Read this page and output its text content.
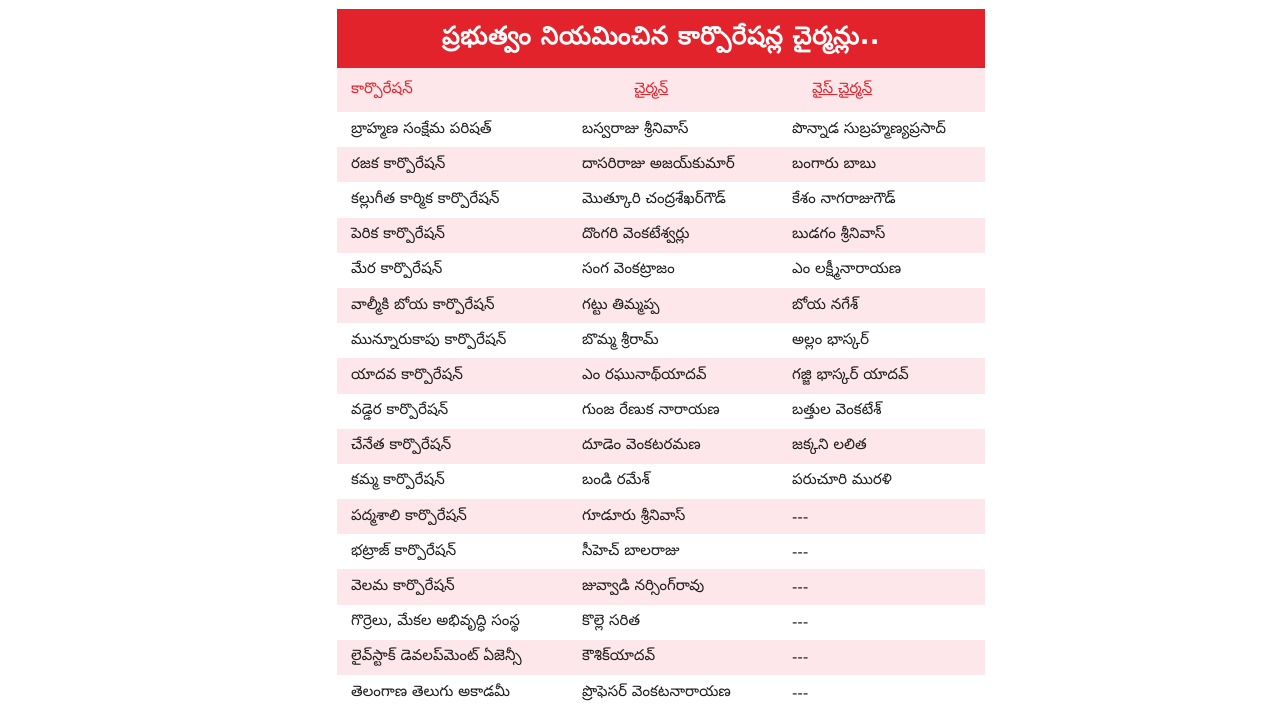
ప్రభుత్వం నియమించిన కార్పొరేషన్ల చైర్మన్లు..
కార్పొరేషన్	చైర్మన్	వైస్ చైర్మన్
బ్రాహ్మణ సంక్షేమ పరిషత్	బస్వరాజు శ్రీనివాస్	పొన్నాడ సుబ్రహ్మణ్యప్రసాద్
రజక కార్పొరేషన్	దాసరిరాజు అజయ్‌కుమార్	బంగారు బాబు
కల్లుగీత కార్మిక కార్పొరేషన్	మొత్కూరి చంద్రశేఖర్‌గౌడ్	కేశం నాగరాజుగౌడ్
పెరిక కార్పొరేషన్	దొంగరి వెంకటేశ్వర్లు	బుడగం శ్రీనివాస్
మేర కార్పొరేషన్	సంగ వెంకట్రాజం	ఎం లక్ష్మీనారాయణ
వాల్మీకి బోయ కార్పొరేషన్	గట్టు తిమ్మప్ప	బోయ నగేశ్
మున్నూరుకాపు కార్పొరేషన్	బొమ్మ శ్రీరామ్	అల్లం భాస్కర్
యాదవ కార్పొరేషన్	ఎం రఘునాథ్‌యాదవ్	గజ్జి భాస్కర్ యాదవ్
వడ్డెర కార్పొరేషన్	గుంజ రేణుక నారాయణ	బత్తుల వెంకటేశ్
చేనేత కార్పొరేషన్	దూడెం వెంకటరమణ	జక్కని లలిత
కమ్మ కార్పొరేషన్	బండి రమేశ్	పరుచూరి మురళి
పద్మశాలి కార్పొరేషన్	గూడూరు శ్రీనివాస్	---
భట్రాజ్ కార్పొరేషన్	సీహెచ్ బాలరాజు	---
వెలమ కార్పొరేషన్	జువ్వాడి నర్సింగ్‌రావు	---
గొర్రెలు, మేకల అభివృద్ధి సంస్థ	కొల్లె సరిత	---
లైవ్‌స్టాక్ డెవలప్‌మెంట్ ఏజెన్సీ	కౌశిక్‌యాదవ్	---
తెలంగాణ తెలుగు అకాడమీ	ప్రొఫెసర్ వెంకటనారాయణ	---
